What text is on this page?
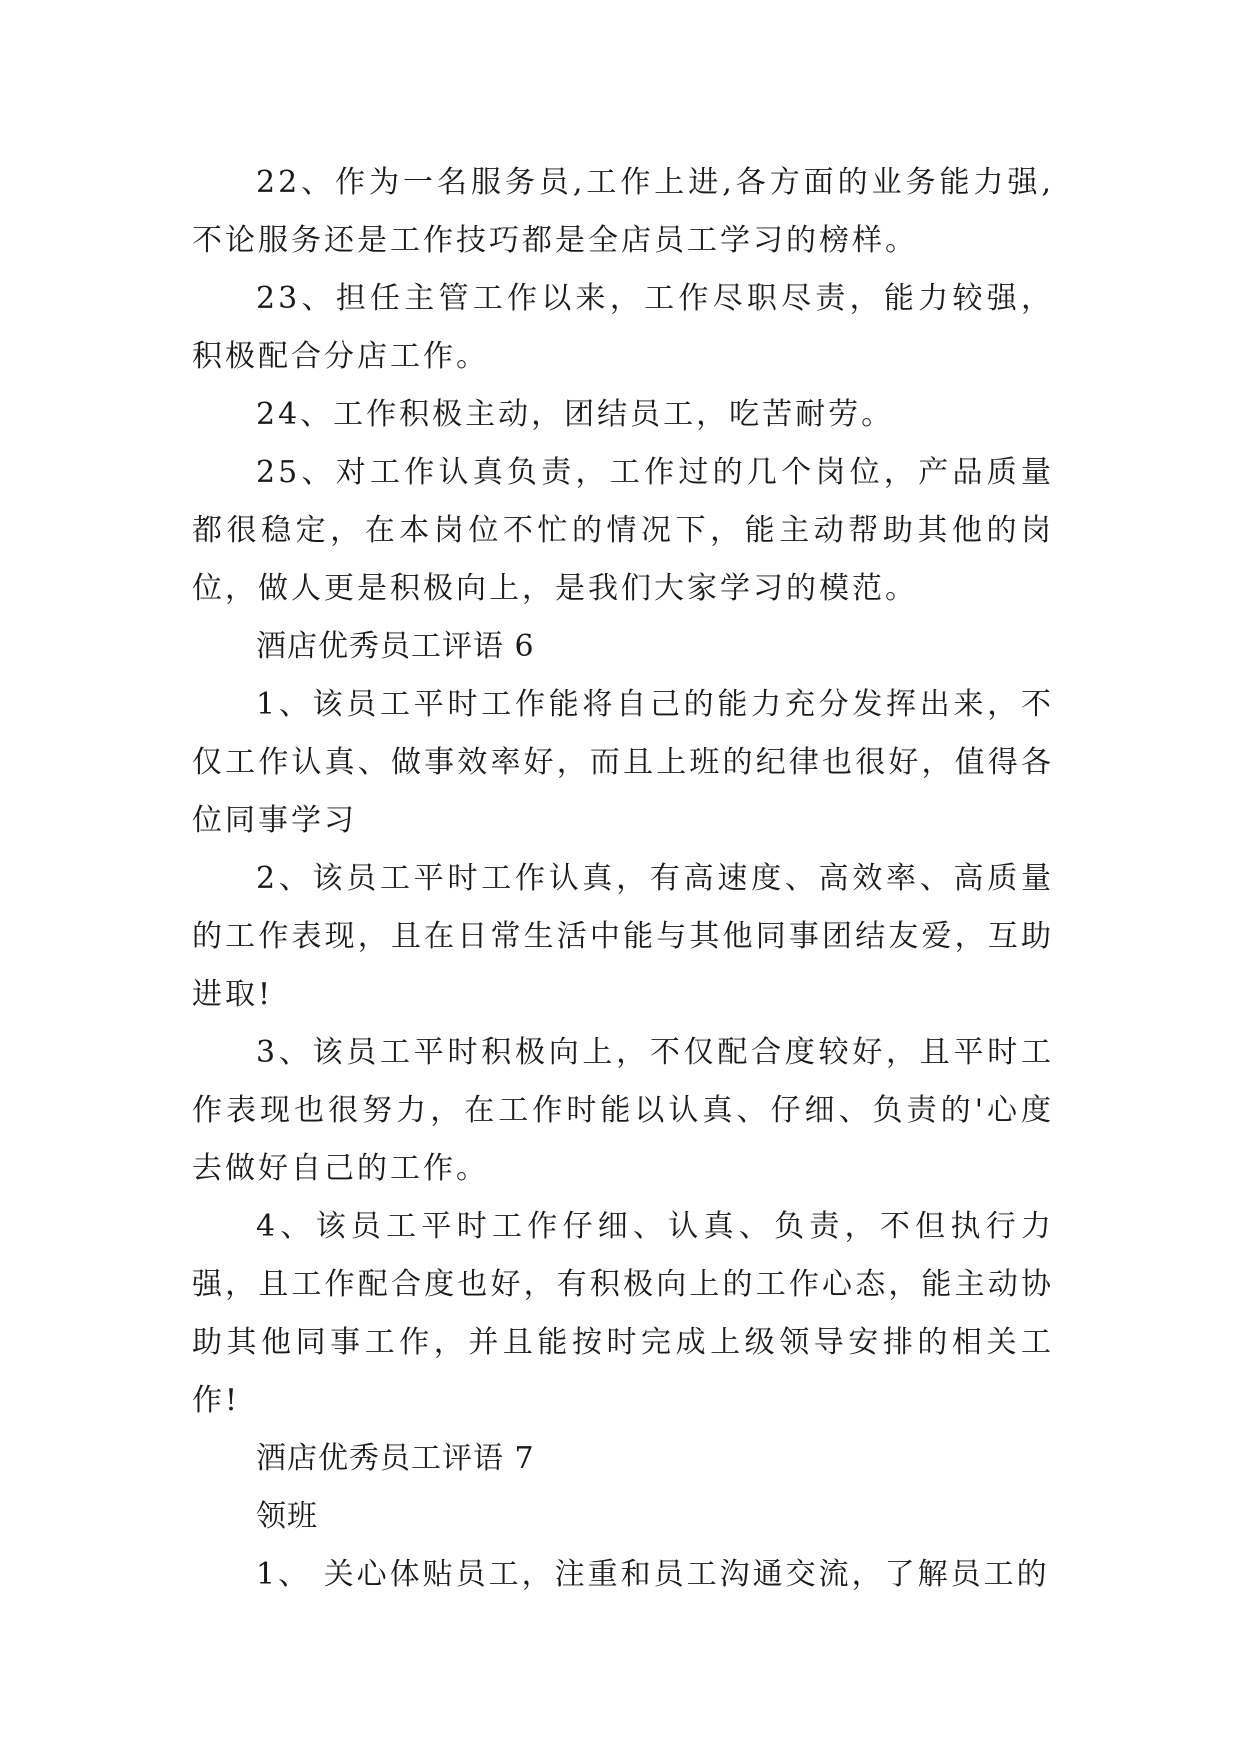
22、作为一名服务员,工作上进,各方面的业务能力强,不论服务还是工作技巧都是全店员工学习的榜样。

23、担任主管工作以来，工作尽职尽责，能力较强，积极配合分店工作。

24、工作积极主动，团结员工，吃苦耐劳。

25、对工作认真负责，工作过的几个岗位，产品质量都很稳定，在本岗位不忙的情况下，能主动帮助其他的岗位，做人更是积极向上，是我们大家学习的模范。

酒店优秀员工评语 6

1、该员工平时工作能将自己的能力充分发挥出来，不仅工作认真、做事效率好，而且上班的纪律也很好，值得各位同事学习

2、该员工平时工作认真，有高速度、高效率、高质量的工作表现，且在日常生活中能与其他同事团结友爱，互助进取!

3、该员工平时积极向上，不仅配合度较好，且平时工作表现也很努力，在工作时能以认真、仔细、负责的'心度去做好自己的工作。

4、该员工平时工作仔细、认真、负责，不但执行力强，且工作配合度也好，有积极向上的工作心态，能主动协助其他同事工作，并且能按时完成上级领导安排的相关工作!

酒店优秀员工评语 7

领班

1、 关心体贴员工，注重和员工沟通交流，了解员工的
